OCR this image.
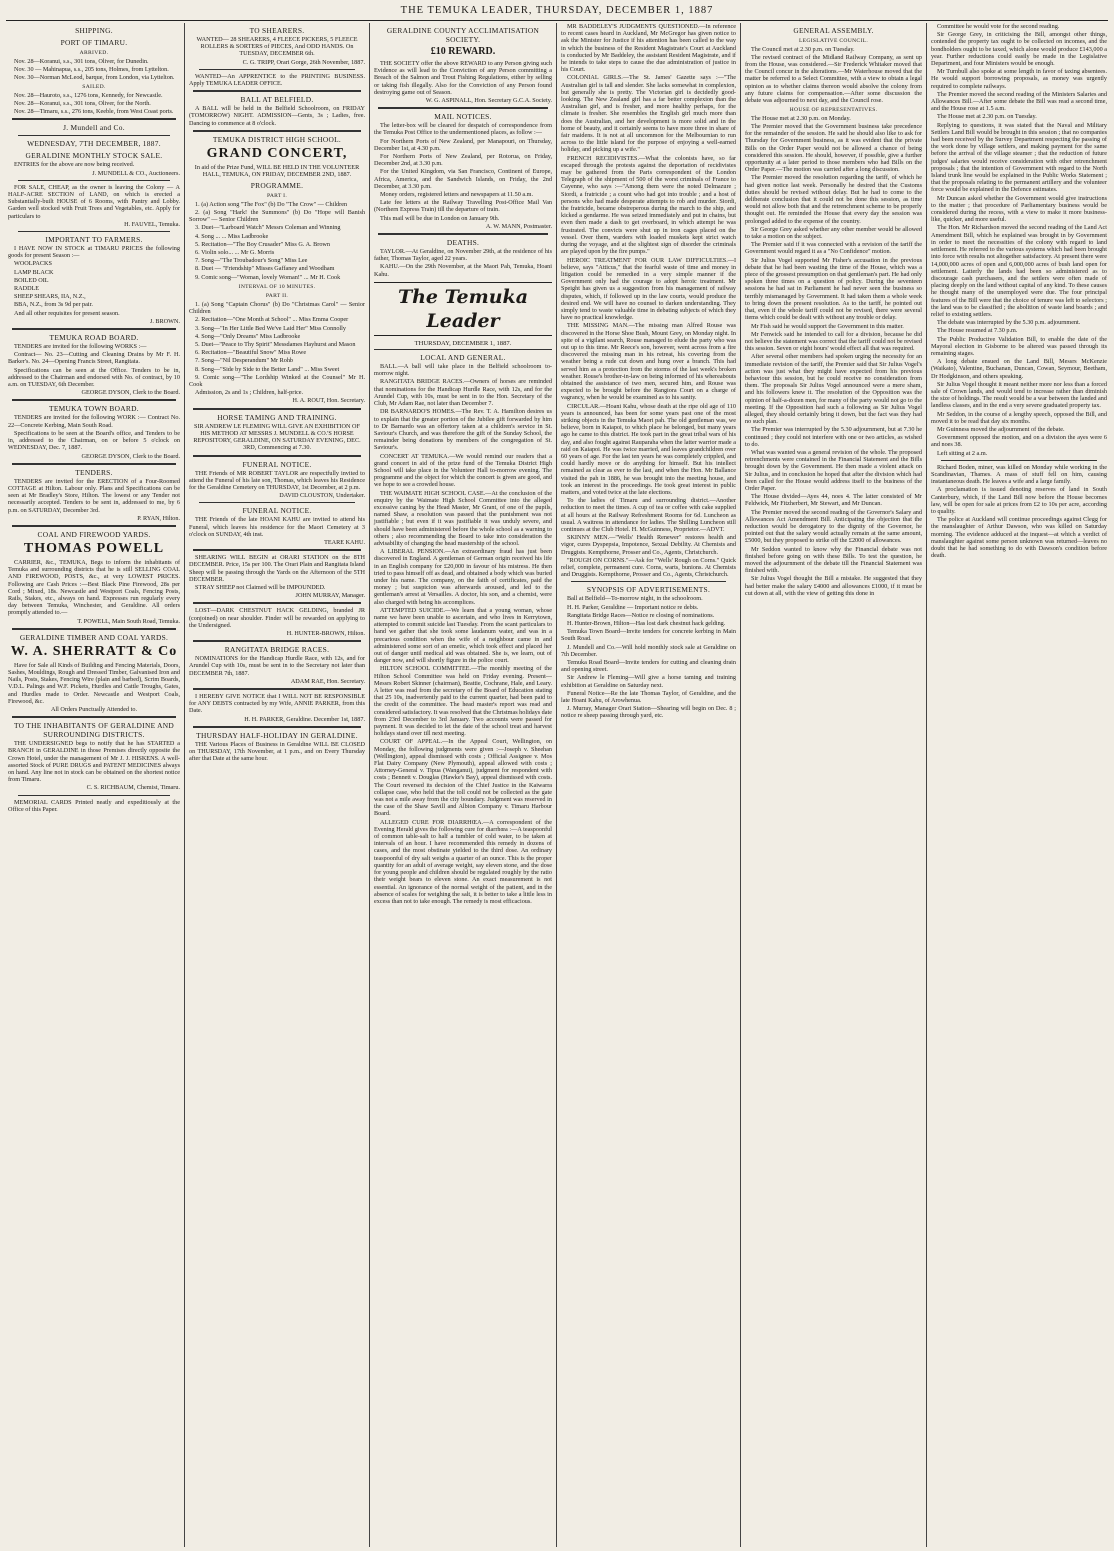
THE TEMUKA LEADER, THURSDAY, DECEMBER 1, 1887
SHIPPING.
PORT OF TIMARU.
ARRIVED.

Nov. 28—Koranui, s.s., 301 tons, Oliver, for Dunedin.

Nov. 30 — Mahinapua, s.s., 205 tons, Holmes, from Lyttelton.

Nov. 30—Norman McLeod, barque, from London, via Lyttelton.

SAILED.

Nov. 28—Hauroto, s.s., 1276 tons, Kennedy, for Newcastle.

Nov. 28—Koranui, s.s., 301 tons, Oliver, for the North.

Nov. 28—Timaru, s.s., 276 tons, Keeble, from West Coast ports.

J. Mundell and Co.
WEDNESDAY, 7TH DECEMBER, 1887.
GERALDINE MONTHLY STOCK SALE.

ENTRIES for the above are now being received.

J. MUNDELL & CO., Auctioneers.

FOR SALE, CHEAP, as the owner is leaving the Colony — A HALF-ACRE SECTION of LAND, on which is erected a Substantially-built HOUSE of 6 Rooms, with Pantry and Lobby. Garden well stocked with Fruit Trees and Vegetables, etc. Apply for particulars to

H. FAUVEL, Temuka.

IMPORTANT TO FARMERS.

I HAVE NOW IN STOCK at TIMARU PRICES the following goods for present Season :—

WOOLPACKS

LAMP BLACK

BOILED OIL

RADDLE

SHEEP SHEARS, IIA, N.Z.,

BBA, N.Z., from 3s 9d per pair.

And all other requisites for present season.

J. BROWN.

TEMUKA ROAD BOARD.

TENDERS are invited for the following WORKS :—

Contract— No. 23—Cutting and Cleaning Drains by Mr F. H. Barker's. No. 24—Opening Francis Street, Rangitata.

Specifications can be seen at the Office. Tenders to be in, addressed to the Chairman and endorsed with No. of contract, by 10 a.m. on TUESDAY, 6th December.

GEORGE DYSON, Clerk to the Board.

TEMUKA TOWN BOARD.

TENDERS are invited for the following WORK :— Contract No. 22—Concrete Kerbing, Main South Road.

Specifications to be seen at the Board's office, and Tenders to be in, addressed to the Chairman, on or before 5 o'clock on WEDNESDAY, Dec. 7, 1887.

GEORGE DYSON, Clerk to the Board.

TENDERS.

TENDERS are invited for the ERECTION of a Four-Roomed COTTAGE at Hilton. Labour only. Plans and Specifications can be seen at Mr Bradley's Store, Hilton. The lowest or any Tender not necessarily accepted. Tenders to be sent in, addressed to me, by 6 p.m. on SATURDAY, December 3rd.

P. RYAN, Hilton.

COAL AND FIREWOOD YARDS.
THOMAS POWELL

CARRIER, &c., TEMUKA, Begs to inform the inhabitants of Temuka and surrounding districts that he is still SELLING COAL AND FIREWOOD, POSTS, &c., at very LOWEST PRICES. Following are Cash Prices :—Best Black Pine Firewood, 28s per Cord ; Mixed, 18s. Newcastle and Westport Coals, Fencing Posts, Rails, Stakes, etc., always on hand. Expresses run regularly every day between Temuka, Winchester, and Geraldine. All orders promptly attended to.—

T. POWELL, Main South Road, Temuka.

GERALDINE TIMBER AND COAL YARDS.
W. A. SHERRATT & Co

Have for Sale all Kinds of Building and Fencing Materials, Doors, Sashes, Mouldings, Rough and Dressed Timber, Galvanised Iron and Nails, Posts, Stakes, Fencing Wire (plain and barbed), Scrim Boards, V.D.L. Palings and W.F. Pickets, Hurdles and Cattle Troughs, Gates, and Hurdles made to Order. Newcastle and Westport Coals, Firewood, &c.

All Orders Punctually Attended to.

TO THE INHABITANTS OF GERALDINE AND SURROUNDING DISTRICTS.

THE UNDERSIGNED begs to notify that he has STARTED a BRANCH in GERALDINE in those Premises directly opposite the Crown Hotel, under the management of Mr J. J. HISKENS. A well-assorted Stock of PURE DRUGS and PATENT MEDICINES always on hand. Any line not in stock can be obtained on the shortest notice from Timaru.

C. S. RICHBAUM, Chemist, Timaru.

MEMORIAL CARDS Printed neatly and expeditiously at the Office of this Paper.

TO SHEARERS.

WANTED— 28 SHEARERS, 4 FLEECE PICKERS, 5 FLEECE ROLLERS & SORTERS of PIECES, And ODD HANDS. On TUESDAY, DECEMBER 6th.

C. G. TRIPP, Orari Gorge, 26th November, 1887.

WANTED—An APPRENTICE to the PRINTING BUSINESS. Apply TEMUKA LEADER OFFICE.

BALL AT BELFIELD.

A BALL will be held in the Belfield Schoolroom, on FRIDAY (TOMORROW) NIGHT. ADMISSION—Gents, 3s ; Ladies, free. Dancing to commence at 8 o'clock.

TEMUKA DISTRICT HIGH SCHOOL.
GRAND CONCERT,

In aid of the Prize Fund, WILL BE HELD IN THE VOLUNTEER HALL, TEMUKA, ON FRIDAY, DECEMBER 2ND, 1887.

PROGRAMME.
PART I.

1. (a) Action song "The Fox" (b) Do "The Crow" — Children

2. (a) Song "Hark! the Summons" (b) Do "Hope will Banish Sorrow" — Senior Children

3. Duet—"Larboard Watch" Messrs Coleman and Winning

4. Song ... ... Miss Ladbrooke

5. Recitation—"The Boy Crusader" Miss G. A. Brown

6. Violin solo... ... Mr G. Morris

7. Song—"The Troubadour's Song" Miss Lee

8. Duet — "Friendship" Misses Gaffaney and Woodham

9. Comic song—"Woman, lovely Woman!" ... Mr H. Cook

INTERVAL OF 10 MINUTES.
PART II.

1. (a) Song "Captain Chorus" (b) Do "Christmas Carol" — Senior Children

2. Recitation—"One Month at School" ... Miss Emma Cooper

3. Song—"In Her Little Bed We've Laid Her" Miss Connolly

4. Song—"Only Dreams" Miss Ladbrooke

5. Duet—"Peace to Thy Spirit" Messdames Hayhurst and Mason

6. Recitation—"Beautiful Snow" Miss Rowe

7. Song—"Nil Desperandum" Mr Rohb

8. Song—"Side by Side to the Better Land" ... Miss Sweet

9. Comic song—"The Lordship Winked at the Counsel" Mr H. Cook

Admission, 2s and 1s ; Children, half-price.

H. A. ROUT, Hon. Secretary.

HORSE TAMING AND TRAINING.

SIR ANDREW LE FLEMING WILL GIVE AN EXHIBITION OF HIS METHOD AT MESSRS J. MUNDELL & CO.'S HORSE REPOSITORY, GERALDINE, ON SATURDAY EVENING, DEC. 3RD, Commencing at 7.30.

FUNERAL NOTICE.

THE Friends of MR ROBERT TAYLOR are respectfully invited to attend the Funeral of his late son, Thomas, which leaves his Residence for the Geraldine Cemetery on THURSDAY, 1st December, at 2 p.m.

DAVID CLOUSTON, Undertaker.

FUNERAL NOTICE.

THE Friends of the late HOANI KAHU are invited to attend his Funeral, which leaves his residence for the Maori Cemetery at 3 o'clock on SUNDAY, 4th inst.

TEARE KAHU.

SHEARING WILL BEGIN at ORARI STATION on the 8TH DECEMBER. Price, 15s per 100. The Orari Plain and Rangitata Island Sheep will be passing through the Yards on the Afternoon of the 5TH DECEMBER.

STRAY SHEEP not Claimed will be IMPOUNDED.

JOHN MURRAY, Manager.

LOST—DARK CHESTNUT HACK GELDING, branded JR (conjoined) on near shoulder. Finder will be rewarded on applying to the Undersigned.

H. HUNTER-BROWN, Hilton.

RANGITATA BRIDGE RACES.

NOMINATIONS for the Handicap Hurdle Race, with 12s, and for Arundel Cup with 10s, must be sent in to the Secretary not later than DECEMBER 7th, 1887.

ADAM RAE, Hon. Secretary.

I HEREBY GIVE NOTICE that I WILL NOT BE RESPONSIBLE for ANY DEBTS contracted by my Wife, ANNIE PARKER, from this Date.

H. H. PARKER, Geraldine. December 1st, 1887.

THURSDAY HALF-HOLIDAY IN GERALDINE.

THE Various Places of Business in Geraldine WILL BE CLOSED on THURSDAY, 17th November, at 1 p.m., and on Every Thursday after that Date at the same hour.

GERALDINE COUNTY ACCLIMATISATION SOCIETY.
£10 REWARD.

THE SOCIETY offer the above REWARD to any Person giving such Evidence as will lead to the Conviction of any Person committing a Breach of the Salmon and Trout Fishing Regulations, either by selling or taking fish illegally. Also for the Conviction of any Person found destroying game out of Season.

W. G. ASPINALL, Hon. Secretary G.C.A. Society.

MAIL NOTICES.

The letter-box will be cleared for despatch of correspondence from the Temuka Post Office to the undermentioned places, as follow :—

For Northern Ports of New Zealand, per Manapouri, on Thursday, December 1st, at 4.30 p.m.

For Northern Ports of New Zealand, per Rotorua, on Friday, December 2nd, at 3.30 p.m.

For the United Kingdom, via San Francisco, Continent of Europe, Africa, America, and the Sandwich Islands, on Friday, the 2nd December, at 3.30 p.m.

Money orders, registered letters and newspapers at 11.50 a.m.

Late fee letters at the Railway Travelling Post-Office Mail Van (Northern Express Train) till the departure of train.

This mail will be due in London on January 9th.

A. W. MANN, Postmaster.

DEATHS.

TAYLOR.—At Geraldine, on November 29th, at the residence of his father, Thomas Taylor, aged 22 years.

KAHU.—On the 29th November, at the Maori Pah, Temuka, Hoani Kahu.

The Temuka Leader
THURSDAY, DECEMBER 1, 1887.
LOCAL AND GENERAL.

BALL.—A ball will take place in the Belfield schoolroom to-morrow night.

RANGITATA BRIDGE RACES.—Owners of horses are reminded that nominations for the Handicap Hurdle Race, with 12s, and for the Arundel Cup, with 10s, must be sent in to the Hon. Secretary of the Club, Mr Adam Rae, not later than December 7.

DR BARNARDO'S HOMES.—The Rev. T. A. Hamilton desires us to explain that the greater portion of the Jubilee gift forwarded by him to Dr Barnardo was an offertory taken at a children's service in St. Saviour's Church, and was therefore the gift of the Sunday School, the remainder being donations by members of the congregation of St. Saviour's.

CONCERT AT TEMUKA.—We would remind our readers that a grand concert in aid of the prize fund of the Temuka District High School will take place in the Volunteer Hall to-morrow evening. The programme and the object for which the concert is given are good, and we hope to see a crowded house.

THE WAIMATE HIGH SCHOOL CASE.—At the conclusion of the enquiry by the Waimate High School Committee into the alleged excessive caning by the Head Master, Mr Grant, of one of the pupils, named Shaw, a resolution was passed that the punishment was not justifiable ; but even if it was justifiable it was unduly severe, and should have been administered before the whole school as a warning to others ; also recommending the Board to take into consideration the advisability of changing the head mastership of the school.

A LIBERAL PENSION.—An extraordinary fraud has just been discovered in England. A gentleman of German origin received his life in an English company for £20,000 in favour of his mistress. He then tried to pass himself off as dead, and obtained a body which was buried under his name. The company, on the faith of certificates, paid the money ; but suspicion was afterwards aroused, and led to the gentleman's arrest at Versailles. A doctor, his son, and a chemist, were also charged with being his accomplices.

ATTEMPTED SUICIDE.—We learn that a young woman, whose name we have been unable to ascertain, and who lives in Kerrytown, attempted to commit suicide last Tuesday. From the scant particulars to hand we gather that she took some laudanum water, and was in a precarious condition when the wife of a neighbour came in and administered some sort of an emetic, which took effect and placed her out of danger until medical aid was obtained. She is, we learn, out of danger now, and will shortly figure in the police court.

HILTON SCHOOL COMMITTEE.—The monthly meeting of the Hilton School Committee was held on Friday evening. Present—Messrs Robert Skinner (chairman), Beattie, Cochrane, Hale, and Leary. A letter was read from the secretary of the Board of Education stating that 25 10s, inadvertently paid to the current quarter, had been paid to the credit of the committee. The head master's report was read and considered satisfactory. It was resolved that the Christmas holidays date from 23rd December to 3rd January. Two accounts were passed for payment. It was decided to let the date of the school treat and harvest holidays stand over till next meeting.

COURT OF APPEAL.—In the Appeal Court, Wellington, on Monday, the following judgments were given :—Joseph v. Sheehan (Wellington), appeal dismissed with costs ; Official Assignee v. Mos Flat Dairy Company (New Plymouth), appeal allowed with costs ; Attorney-General v. Tipua (Wanganui), judgment for respondent with costs ; Bennett v. Douglas (Hawke's Bay), appeal dismissed with costs. The Court reversed its decision of the Chief Justice in the Kaiwarra collapse case, who held that the toll could not be collected as the gate was not a mile away from the city boundary. Judgment was reserved in the case of the Shaw Savill and Albion Company v. Timaru Harbour Board.

ALLEGED CURE FOR DIARRHŒA.—A correspondent of the Evening Herald gives the following cure for diarrhœa :—A teaspoonful of common table-salt to half a tumbler of cold water, to be taken at intervals of an hour. I have recommended this remedy in dozens of cases, and the most obstinate yielded to the third dose. An ordinary teaspoonful of dry salt weighs a quarter of an ounce. This is the proper quantity for an adult of average weight, say eleven stone, and the dose for young people and children should be regulated roughly by the ratio their weight bears to eleven stone. An exact measurement is not essential. An ignorance of the normal weight of the patient, and in the absence of scales for weighing the salt, it is better to take a little less in excess than not to take enough. The remedy is most efficacious.

MR BADDELEY'S JUDGMENTS QUESTIONED.—In reference to recent cases heard in Auckland, Mr McGregor has given notice to ask the Minister for Justice if his attention has been called to the way in which the business of the Resident Magistrate's Court at Auckland is conducted by Mr Baddeley, the assistant Resident Magistrate, and if he intends to take steps to cause the due administration of justice in his Court.

COLONIAL GIRLS.—The St. James' Gazette says :—"The Australian girl is tall and slender. She lacks somewhat in complexion, but generally she is pretty. The Victorian girl is decidedly good-looking. The New Zealand girl has a far better complexion than the Australian girl, and is fresher, and more healthy perhaps, for the climate is fresher. She resembles the English girl much more than does the Australian, and her development is more solid and in the home of beauty, and it certainly seems to have more three in share of fair maidens. It is not at all uncommon for the Melbournian to run across to the little island for the purpose of enjoying a well-earned holiday, and picking up a wife."

FRENCH RECIDIVISTES.—What the colonists have, so far escaped through the protests against the deportation of recidivistes may be gathered from the Paris correspondent of the London Telegraph of the shipment of 500 of the worst criminals of France to Cayenne, who says :—"Among them were the noted Delmazure ; Siordi, a fratricide ; a count who had got into trouble ; and a host of persons who had made desperate attempts to rob and murder. Siordi, the fratricide, became obstreperous during the march to the ship, and kicked a gendarme. He was seized immediately and put in chains, but even then made a dash to get overboard, in which attempt he was frustrated. The convicts were shut up in iron cages placed on the vessel. Over them, warders with loaded muskets kept strict watch during the voyage, and at the slightest sign of disorder the criminals are played upon by the fire pumps."

HEROIC TREATMENT FOR OUR LAW DIFFICULTIES.—I believe, says "Atticus," that the fearful waste of time and money in litigation could be remedied in a very simple manner if the Government only had the courage to adopt heroic treatment. Mr Speight has given us a suggestion from his management of railway disputes, which, if followed up in the law courts, would produce the desired end. We will have no counsel to darken understanding. They simply tend to waste valuable time in debating subjects of which they have no practical knowledge.

THE MISSING MAN.—The missing man Alfred Rouse was discovered in the Horse Shoe Bush, Mount Grey, on Monday night. In spite of a vigilant search, Rouse managed to elude the party who was out up to this time. Mr Reece's son, however, went across from a fire discovered the missing man in his retreat, his covering from the weather being a rude cut down and hung over a branch. This had served him as a protection from the storms of the last week's broken weather. Rouse's brother-in-law on being informed of his whereabouts obtained the assistance of two men, secured him, and Rouse was expected to be brought before the Rangiora Court on a charge of vagrancy, when he would be examined as to his sanity.

CIRCULAR.—Hoani Kahu, whose death at the ripe old age of 110 years is announced, has been for some years past one of the most striking objects in the Temuka Maori pah. The old gentleman was, we believe, born in Kaiapoi, to which place he belonged, but many years ago he came to this district. He took part in the great tribal wars of his day, and also fought against Rauparaha when the latter warrior made a raid on Kaiapoi. He was twice married, and leaves grandchildren over 60 years of age. For the last ten years he was completely crippled, and could hardly move or do anything for himself. But his intellect remained as clear as ever to the last, and when the Hon. Mr Ballance visited the pah in 1886, he was brought into the meeting house, and took an interest in the proceedings. He took great interest in public matters, and voted twice at the late elections.

To the ladies of Timaru and surrounding district.—Another reduction to meet the times. A cup of tea or coffee with cake supplied at all hours at the Railway Refreshment Rooms for 6d. Luncheon as usual. A waitress in attendance for ladies. The Shilling Luncheon still continues at the Club Hotel. H. McGuinness, Proprietor.—ADVT.

SKINNY MEN.—"Wells' Health Renewer" restores health and vigor, cures Dyspepsia, Impotence, Sexual Debility. At Chemists and Druggists. Kempthorne, Prosser and Co., Agents, Christchurch.

"ROUGH ON CORNS."—Ask for "Wells' Rough on Corns." Quick relief, complete, permanent cure. Corns, warts, bunions. At Chemists and Druggists. Kempthorne, Prosser and Co., Agents, Christchurch.

SYNOPSIS OF ADVERTISEMENTS.

Ball at Belfield—To-morrow night, in the schoolroom.

H. H. Parker, Geraldine — Important notice re debts.

Rangitata Bridge Races—Notice re closing of nominations.

H. Hunter-Brown, Hilton—Has lost dark chestnut hack gelding.

Temuka Town Board—Invite tenders for concrete kerbing in Main South Road.

J. Mundell and Co.—Will hold monthly stock sale at Geraldine on 7th December.

Temuka Road Board—Invite tenders for cutting and cleaning drain and opening street.

Sir Andrew le Fleming—Will give a horse taming and training exhibition at Geraldine on Saturday next.

Funeral Notice—Re the late Thomas Taylor, of Geraldine, and the late Hoani Kahu, of Arowhenua.

J. Murray, Manager Orari Station—Shearing will begin on Dec. 8 ; notice re sheep passing through yard, etc.

GENERAL ASSEMBLY.
LEGISLATIVE COUNCIL.

The Council met at 2.30 p.m. on Tuesday.

The revised contract of the Midland Railway Company, as sent up from the House, was considered.—Sir Frederick Whitaker moved that the Council concur in the alterations.—Mr Waterhouse moved that the matter be referred to a Select Committee, with a view to obtain a legal opinion as to whether claims thereon would absolve the colony from any future claims for compensation.—After some discussion the debate was adjourned to next day, and the Council rose.

HOUSE OF REPRESENTATIVES.

The House met at 2.30 p.m. on Monday.

The Premier moved that the Government business take precedence for the remainder of the session. He said he should also like to ask for Thursday for Government business, as it was evident that the private Bills on the Order Paper would not be allowed a chance of being considered this session. He should, however, if possible, give a further opportunity at a later period to those members who had Bills on the Order Paper.—The motion was carried after a long discussion.

The Premier moved the resolution regarding the tariff, of which he had given notice last week. Personally he desired that the Customs duties should be revised without delay. But he had to come to the deliberate conclusion that it could not be done this session, as time would not allow both that and the retrenchment scheme to be properly thought out. He reminded the House that every day the session was prolonged added to the expense of the country.

Sir George Grey asked whether any other member would be allowed to take a motion on the subject.

The Premier said if it was connected with a revision of the tariff the Government would regard it as a "No Confidence" motion.

Sir Julius Vogel supported Mr Fisher's accusation in the previous debate that he had been wasting the time of the House, which was a piece of the grossest presumption on that gentleman's part. He had only spoken three times on a question of policy. During the seventeen sessions he had sat in Parliament he had never seen the business so terribly mismanaged by Government. It had taken them a whole week to bring down the present resolution. As to the tariff, he pointed out that, even if the whole tariff could not be revised, there were several items which could be dealt with without any trouble or delay.

Mr Fish said he would support the Government in this matter.

Mr Fenwick said he intended to call for a division, because he did not believe the statement was correct that the tariff could not be revised this session. Seven or eight hours' would effect all that was required.

After several other members had spoken urging the necessity for an immediate revision of the tariff, the Premier said that Sir Julius Vogel's action was just what they might have expected from his previous behaviour this session, but he could receive no consideration from them. The proposals Sir Julius Vogel announced were a mere sham, and his followers knew it. The resolution of the Opposition was the opinion of half-a-dozen men, for many of the party would not go to the meeting. If the Opposition had such a following as Sir Julius Vogel alleged, they should certainly bring it down, but the fact was they had no such plan.

The Premier was interrupted by the 5.30 adjournment, but at 7.30 he continued ; they could not interfere with one or two articles, as wished to do.

What was wanted was a general revision of the whole. The proposed retrenchments were contained in the Financial Statement and the Bills brought down by the Government. He then made a violent attack on Sir Julius, and in conclusion he hoped that after the division which had been called for the House would address itself to the business of the Order Paper.

The House divided—Ayes 44, noes 4. The latter consisted of Mr Feldwick, Mr Fitzherbert, Mr Stewart, and Mr Duncan.

The Premier moved the second reading of the Governor's Salary and Allowances Act Amendment Bill. Anticipating the objection that the reduction would be derogatory to the dignity of the Governor, he pointed out that the salary would actually remain at the same amount, £5000, but they proposed to strike off the £2000 of allowances.

Mr Seddon wanted to know why the Financial debate was not finished before going on with these Bills. To test the question, he moved the adjournment of the debate till the Financial Statement was finished with.

Sir Julius Vogel thought the Bill a mistake. He suggested that they had better make the salary £4000 and allowances £1000, if it must be cut down at all, with the view of getting this done in

Committee he would vote for the second reading.

Sir George Grey, in criticising the Bill, amongst other things, contended the property tax ought to be collected on incomes, and the bondholders ought to be taxed, which alone would produce £143,000 a year. Further reductions could easily be made in the Legislative Department, and four Ministers would be enough.

Mr Turnbull also spoke at some length in favor of taxing absentees. He would support borrowing proposals, as money was urgently required to complete railways.

The Premier moved the second reading of the Ministers Salaries and Allowances Bill.—After some debate the Bill was read a second time, and the House rose at 1.5 a.m.

The House met at 2.30 p.m. on Tuesday.

Replying to questions, it was stated that the Naval and Military Settlers Land Bill would be brought in this session ; that no companies had been received by the Survey Department respecting the passing of the work done by village settlers, and making payment for the same before the arrival of the village steamer ; that the reduction of future judges' salaries would receive consideration with other retrenchment proposals ; that the intention of Government with regard to the North Island trunk line would be explained in the Public Works Statement ; that the proposals relating to the permanent artillery and the volunteer force would be explained in the Defence estimates.

Mr Duncan asked whether the Government would give instructions to the matter ; that procedure of Parliamentary business would be considered during the recess, with a view to make it more business-like, quicker, and more useful.

The Hon. Mr Richardson moved the second reading of the Land Act Amendment Bill, which he explained was brought in by Government in order to meet the necessities of the colony with regard to land settlement. He referred to the various systems which had been brought into force with results not altogether satisfactory. At present there were 14,000,000 acres of open and 6,000,000 acres of bush land open for settlement. Latterly the lands had been so administered as to discourage cash purchasers, and the settlers were often made of placing deeply on the land without capital of any kind. To these causes he thought many of the unemployed were due. The four principal features of the Bill were that the choice of tenure was left to selectors ; the land was to be classified ; the abolition of waste land boards ; and relief to existing settlers.

The debate was interrupted by the 5.30 p.m. adjournment.

The House resumed at 7.30 p.m.

The Public Productive Validation Bill, to enable the date of the Mayoral election in Gisborne to be altered was passed through its remaining stages.

A long debate ensued on the Land Bill, Messrs McKenzie (Waikato), Valentine, Buchanan, Duncan, Cowan, Seymour, Beetham, Dr Hodgkinson, and others speaking.

Sir Julius Vogel thought it meant neither more nor less than a forced sale of Crown lands, and would tend to increase rather than diminish the size of holdings. The result would be a war between the landed and landless classes, and in the end a very severe graduated property tax.

Mr Seddon, in the course of a lengthy speech, opposed the Bill, and moved it to be read that day six months.

Mr Guinness moved the adjournment of the debate.

Government opposed the motion, and on a division the ayes were 6 and noes 38.

Left sitting at 2 a.m.

Richard Boden, miner, was killed on Monday while working in the Scandinavian, Thames. A mass of stuff fell on him, causing instantaneous death. He leaves a wife and a large family.

A proclamation is issued denoting reserves of land in South Canterbury, which, if the Land Bill now before the House becomes law, will be open for sale at prices from £2 to 10s per acre, according to quality.

The police at Auckland will continue proceedings against Clegg for the manslaughter of Arthur Dawson, who was killed on Saturday morning. The evidence adduced at the inquest—at which a verdict of manslaughter against some person unknown was returned—leaves no doubt that he had something to do with Dawson's condition before death.
